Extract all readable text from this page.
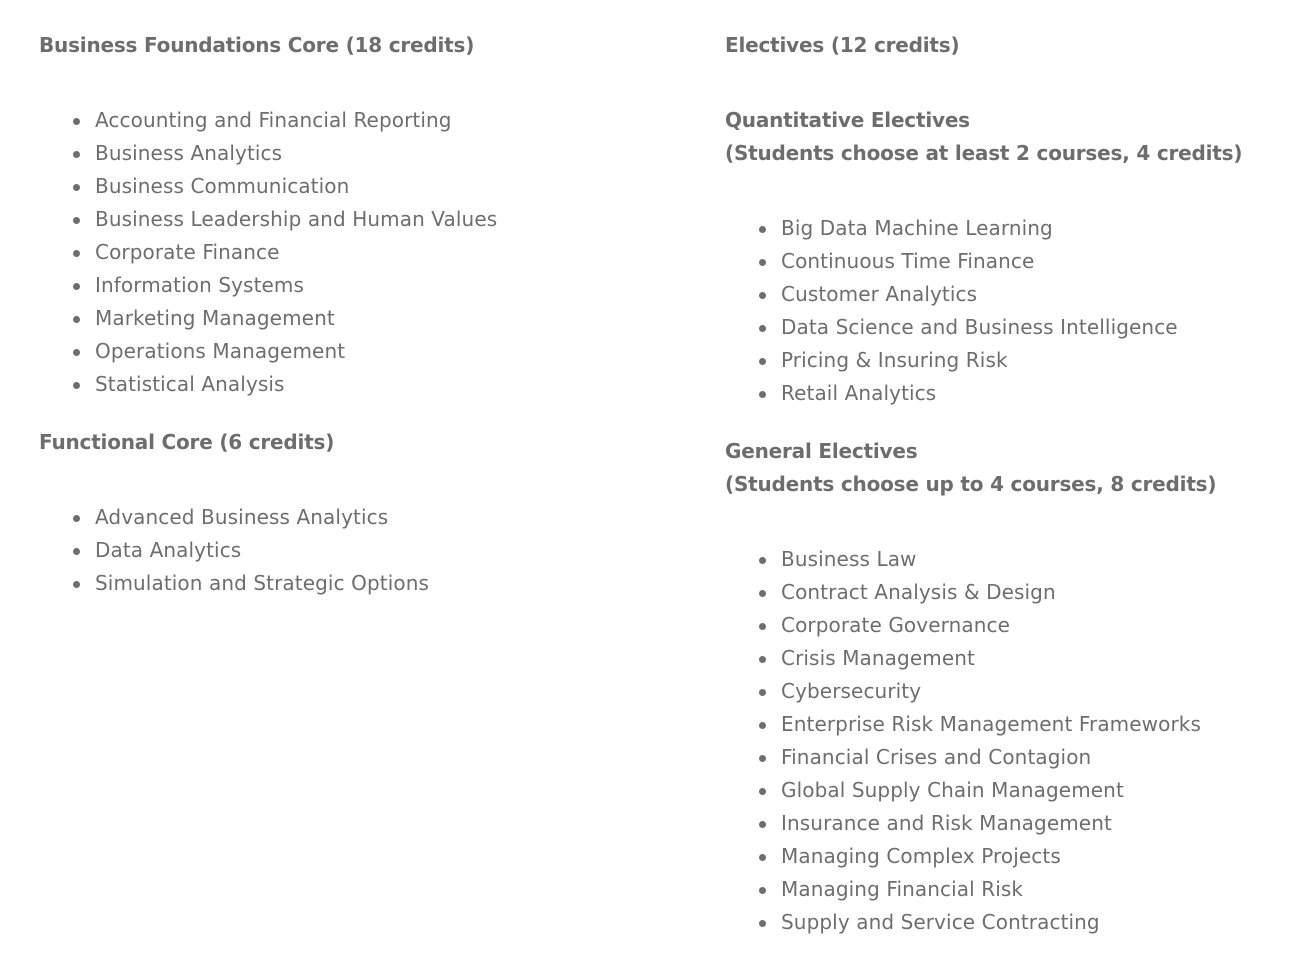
Business Foundations Core (18 credits)
Accounting and Financial Reporting
Business Analytics
Business Communication
Business Leadership and Human Values
Corporate Finance
Information Systems
Marketing Management
Operations Management
Statistical Analysis
Functional Core (6 credits)
Advanced Business Analytics
Data Analytics
Simulation and Strategic Options
Electives (12 credits)
Quantitative Electives
(Students choose at least 2 courses, 4 credits)
Big Data Machine Learning
Continuous Time Finance
Customer Analytics
Data Science and Business Intelligence
Pricing & Insuring Risk
Retail Analytics
General Electives
(Students choose up to 4 courses, 8 credits)
Business Law
Contract Analysis & Design
Corporate Governance
Crisis Management
Cybersecurity
Enterprise Risk Management Frameworks
Financial Crises and Contagion
Global Supply Chain Management
Insurance and Risk Management
Managing Complex Projects
Managing Financial Risk
Supply and Service Contracting
